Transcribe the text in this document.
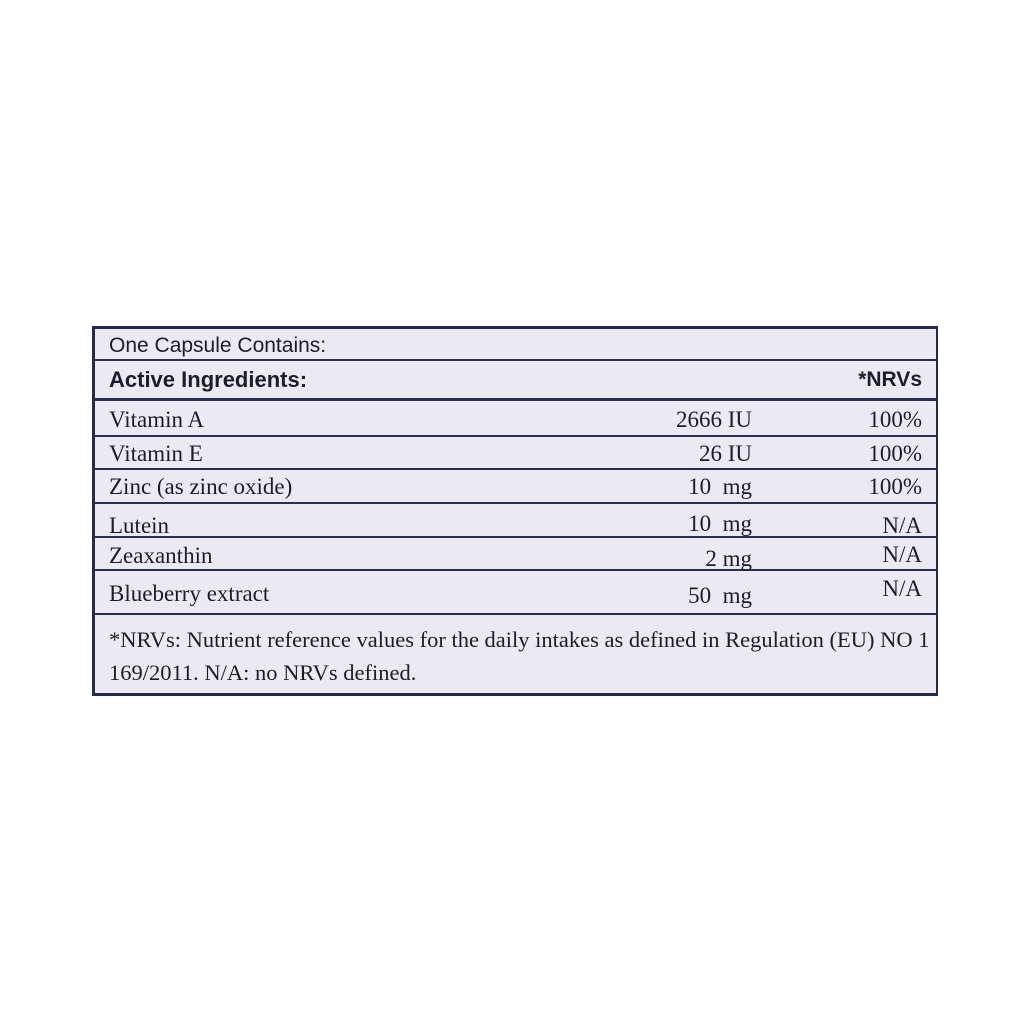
One Capsule Contains:
Active Ingredients:	*NRVs
Vitamin A	2666 IU	100%
Vitamin E	26 IU	100%
Zinc (as zinc oxide)	10  mg	100%
Lutein	10  mg	N/A
Zeaxanthin	2 mg	N/A
Blueberry extract	50  mg	N/A
*NRVs: Nutrient reference values for the daily intakes as defined in Regulation (EU) NO 1 169/2011. N/A: no NRVs defined.
